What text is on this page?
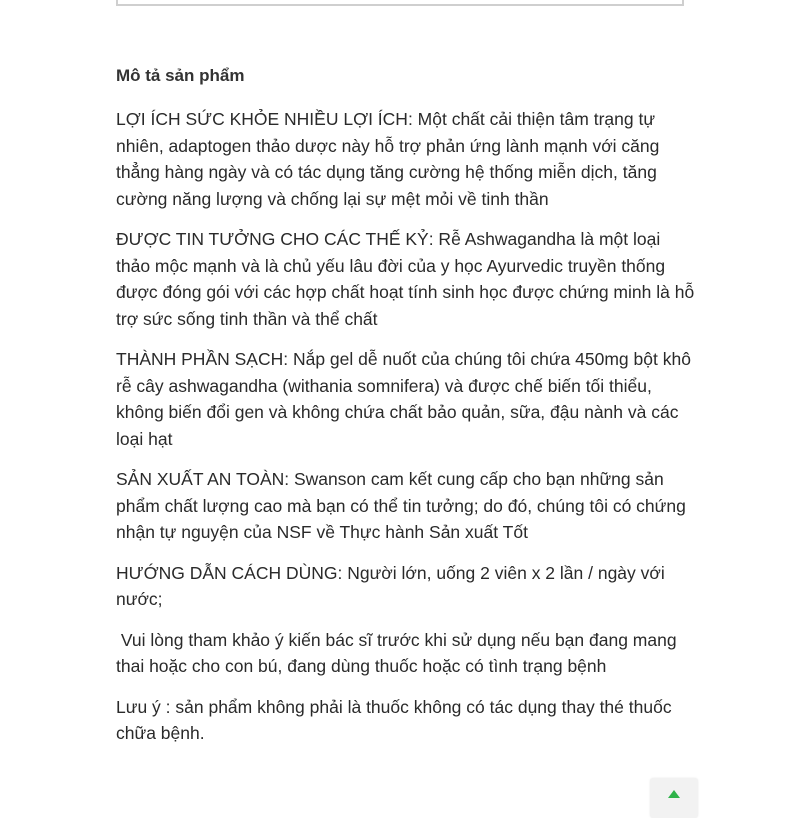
Mô tả sản phẩm

LỢI ÍCH SỨC KHỎE NHIỀU LỢI ÍCH: Một chất cải thiện tâm trạng tự nhiên, adaptogen thảo dược này hỗ trợ phản ứng lành mạnh với căng thẳng hàng ngày và có tác dụng tăng cường hệ thống miễn dịch, tăng cường năng lượng và chống lại sự mệt mỏi về tinh thần

ĐƯỢC TIN TƯỞNG CHO CÁC THẾ KỶ: Rễ Ashwagandha là một loại thảo mộc mạnh và là chủ yếu lâu đời của y học Ayurvedic truyền thống được đóng gói với các hợp chất hoạt tính sinh học được chứng minh là hỗ trợ sức sống tinh thần và thể chất

THÀNH PHẦN SẠCH: Nắp gel dễ nuốt của chúng tôi chứa 450mg bột khô rễ cây ashwagandha (withania somnifera) và được chế biến tối thiểu, không biến đổi gen và không chứa chất bảo quản, sữa, đậu nành và các loại hạt

SẢN XUẤT AN TOÀN: Swanson cam kết cung cấp cho bạn những sản phẩm chất lượng cao mà bạn có thể tin tưởng; do đó, chúng tôi có chứng nhận tự nguyện của NSF về Thực hành Sản xuất Tốt

HƯỚNG DẪN CÁCH DÙNG: Người lớn, uống 2 viên x 2 lần / ngày với nước;

Vui lòng tham khảo ý kiến bác sĩ trước khi sử dụng nếu bạn đang mang thai hoặc cho con bú, đang dùng thuốc hoặc có tình trạng bệnh

Lưu ý : sản phẩm không phải là thuốc không có tác dụng thay thé thuốc chữa bệnh.
